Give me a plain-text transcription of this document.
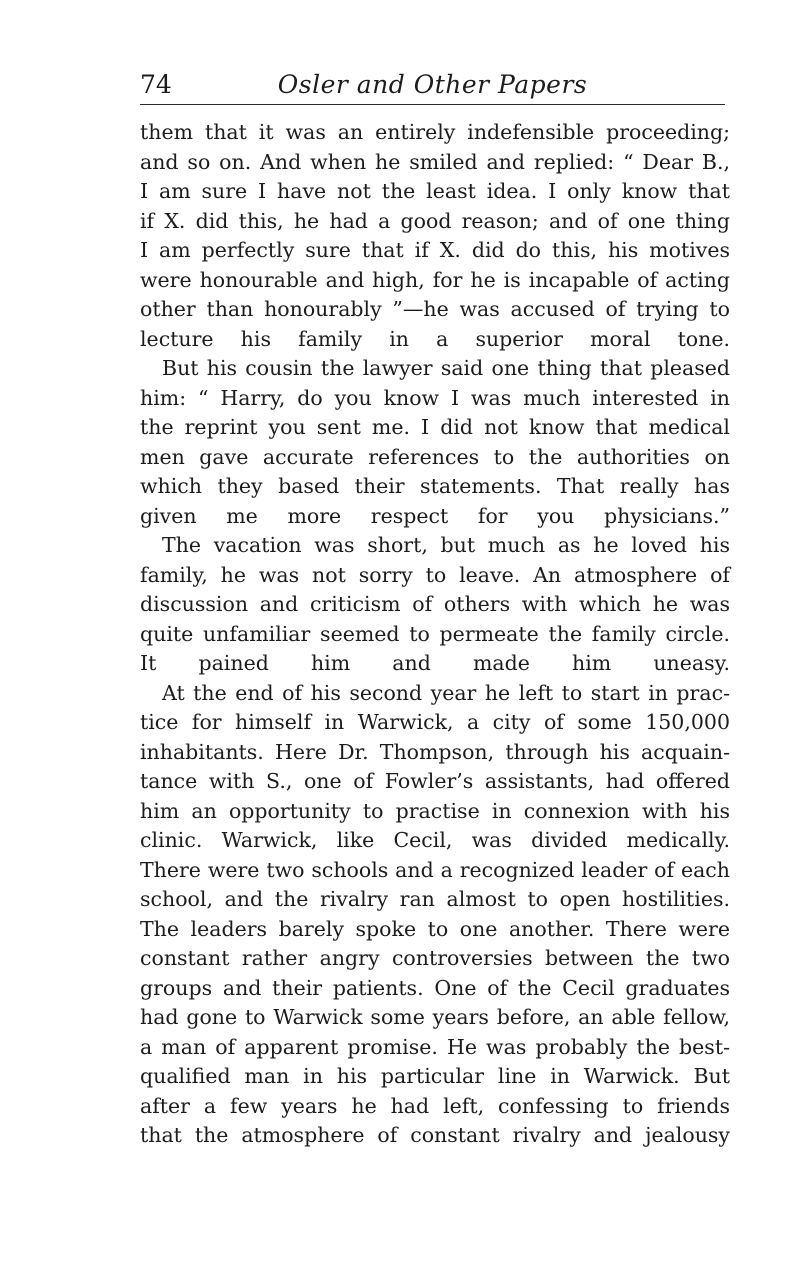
74	Osler and Other Papers
them that it was an entirely indefensible proceeding;
and so on. And when he smiled and replied: “ Dear B.,
I am sure I have not the least idea. I only know that
if X. did this, he had a good reason; and of one thing
I am perfectly sure that if X. did do this, his motives
were honourable and high, for he is incapable of acting
other than honourably ”—he was accused of trying to
lecture his family in a superior moral tone.
But his cousin the lawyer said one thing that pleased
him: “ Harry, do you know I was much interested in
the reprint you sent me. I did not know that medical
men gave accurate references to the authorities on
which they based their statements. That really has
given me more respect for you physicians.”
The vacation was short, but much as he loved his
family, he was not sorry to leave. An atmosphere of
discussion and criticism of others with which he was
quite unfamiliar seemed to permeate the family circle.
It pained him and made him uneasy.
At the end of his second year he left to start in prac-
tice for himself in Warwick, a city of some 150,000
inhabitants. Here Dr. Thompson, through his acquain-
tance with S., one of Fowler’s assistants, had offered
him an opportunity to practise in connexion with his
clinic. Warwick, like Cecil, was divided medically.
There were two schools and a recognized leader of each
school, and the rivalry ran almost to open hostilities.
The leaders barely spoke to one another. There were
constant rather angry controversies between the two
groups and their patients. One of the Cecil graduates
had gone to Warwick some years before, an able fellow,
a man of apparent promise. He was probably the best-
qualified man in his particular line in Warwick. But
after a few years he had left, confessing to friends
that the atmosphere of constant rivalry and jealousy
